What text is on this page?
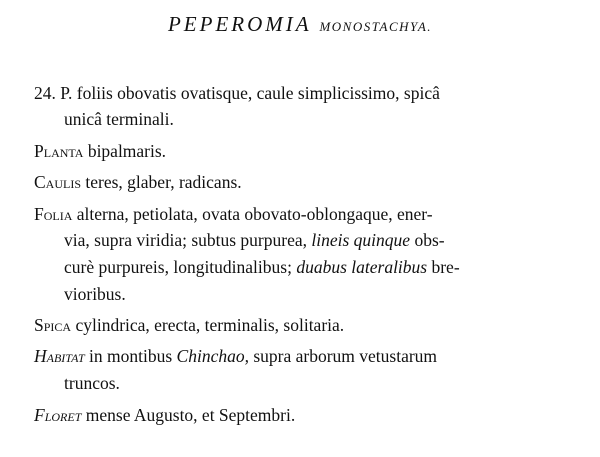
PEPEROMIA MONOSTACHYA.
24. P. foliis obovatis ovatisque, caule simplicissimo, spicâ
unicâ terminali.
Planta bipalmaris.
Caulis teres, glaber, radicans.
Folia alterna, petiolata, ovata obovato-oblongaque, ener-
via, supra viridia; subtus purpurea, lineis quinque obs-
curè purpureis, longitudinalibus; duabus lateralibus bre-
vioribus.
Spica cylindrica, erecta, terminalis, solitaria.
Habitat in montibus Chinchao, supra arborum vetustarum
truncos.
Floret mense Augusto, et Septembri.
